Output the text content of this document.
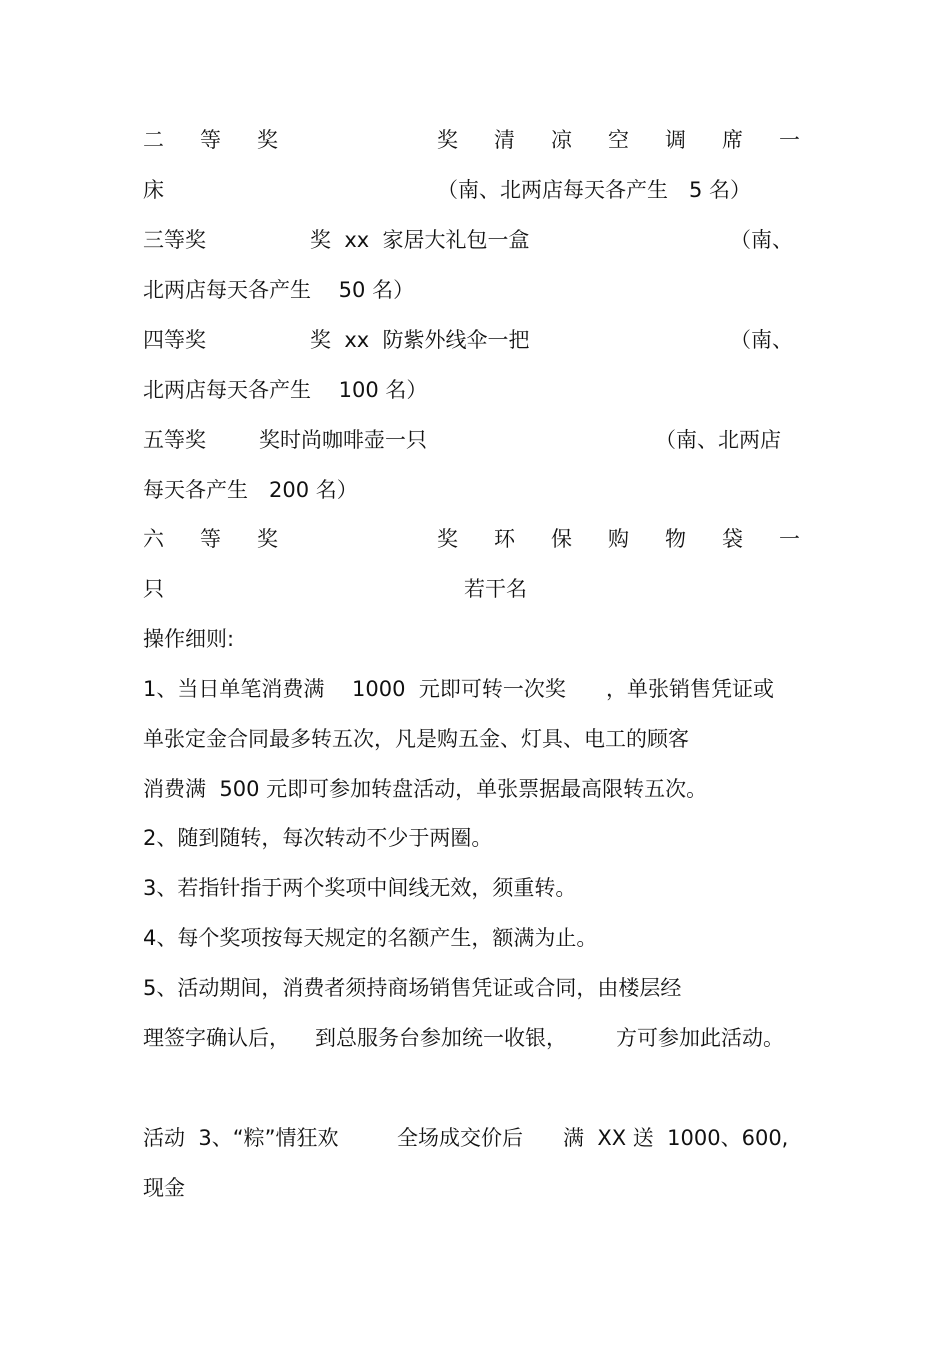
二 等 奖	奖 清 凉 空 调 席 一
床	（南、北两店每天各产生　5 名）
三等奖	奖  xx  家居大礼包一盒	（南、
北两店每天各产生　 50 名）
四等奖	奖  xx  防紫外线伞一把	（南、
北两店每天各产生　 100 名）
五等奖	奖时尚咖啡壶一只	（南、北两店
每天各产生　200 名）
六 等 奖	奖 环 保 购 物 袋 一
只	若干名
操作细则:
1、当日单笔消费满　 1000  元即可转一次奖 ，单张销售凭证或
单张定金合同最多转五次，凡是购五金、灯具、电工的顾客
消费满  500 元即可参加转盘活动，单张票据最高限转五次。
2、随到随转，每次转动不少于两圈。
3、若指针指于两个奖项中间线无效，须重转。
4、每个奖项按每天规定的名额产生，额满为止。
5、活动期间，消费者须持商场销售凭证或合同，由楼层经
理签字确认后， 到总服务台参加统一收银， 方可参加此活动。
活动  3、“粽”情狂欢	全场成交价后 满  XX 送  1000、600,
现金
